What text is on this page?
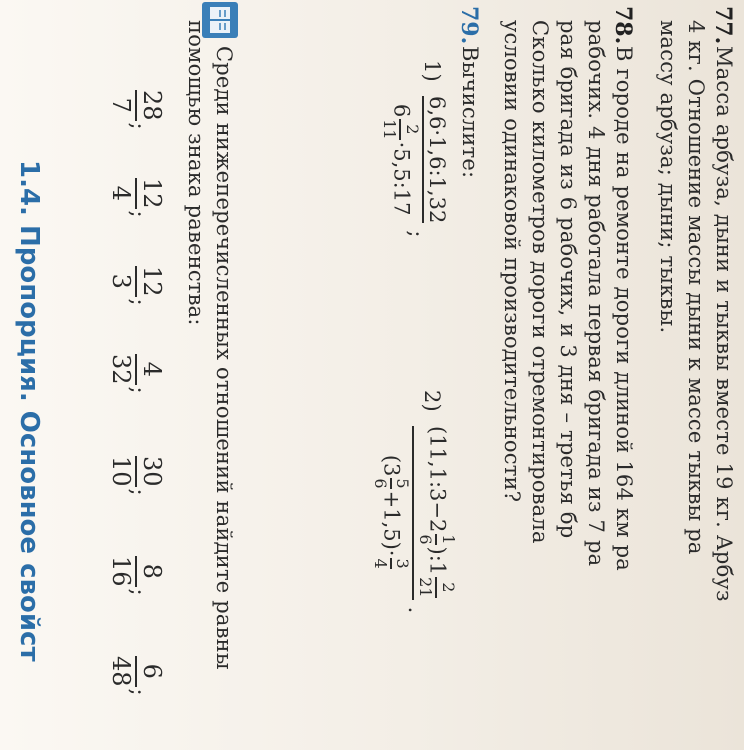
77.
Масса арбуза, дыни и тыквы вместе 19 кг. Арбуз
4 кг. Отношение массы дыни к массе тыквы ра
массу арбуза; дыни; тыквы.
78.
В городе на ремонте дороги длиной 164 км ра
рабочих. 4 дня работала первая бригада из 7 ра
рая бригада из 6 рабочих, и 3 дня – третья бр
Сколько километров дороги отремонтировала
условии одинаковой производительности?
79.
Вычислите:
1)
6,6·1,6:1,32
6
2
11
·5,5:17
;
2)
(11,1:3−2
1
6
):1
2
21
(3
5
6
+1,5)·
3
4
.
Среди нижеперечисленных отношений найдите равны
помощью знака равенства:
28
7
;
12
4
;
12
3
;
4
32
;
30
10
;
8
16
;
6
48
;
1.4. Пропорция. Основное свойст
